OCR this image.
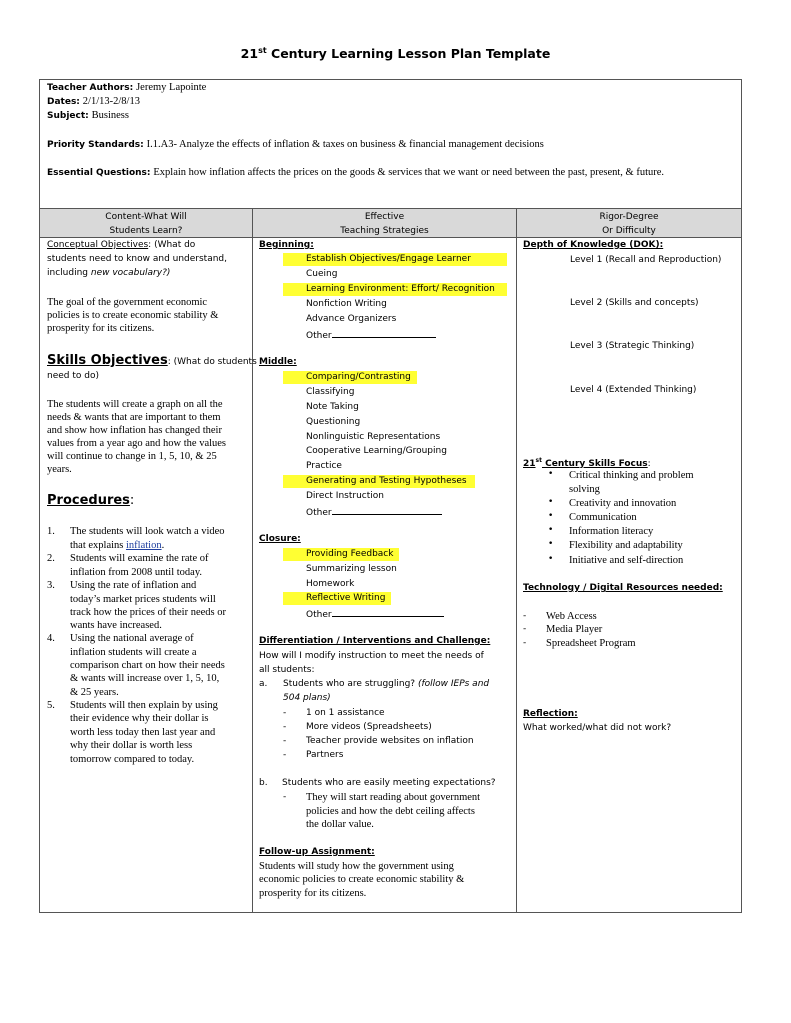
21st Century Learning Lesson Plan Template
Teacher Authors: Jeremy Lapointe
Dates: 2/1/13-2/8/13
Subject: Business
Priority Standards: I.1.A3- Analyze the effects of inflation & taxes on business & financial management decisions
Essential Questions: Explain how inflation affects the prices on the goods & services that we want or need between the past, present, & future.
Content-What Will
Students Learn?
Effective
Teaching Strategies
Rigor-Degree
Or Difficulty
Conceptual Objectives: (What do
students need to know and understand,
including new vocabulary?)
The goal of the government economic
policies is to create economic stability &
prosperity for its citizens.
Skills Objectives: (What do students
need to do)
The students will create a graph on all the
needs & wants that are important to them
and show how inflation has changed their
values from a year ago and how the values
will continue to change in 1, 5, 10, & 25
years.
Procedures:
1. The students will look watch a video
that explains inflation.
2. Students will examine the rate of
inflation from 2008 until today.
3. Using the rate of inflation and
today’s market prices students will
track how the prices of their needs or
wants have increased.
4. Using the national average of
inflation students will create a
comparison chart on how their needs
& wants will increase over 1, 5, 10,
& 25 years.
5. Students will then explain by using
their evidence why their dollar is
worth less today then last year and
why their dollar is worth less
tomorrow compared to today.
Beginning:
Establish Objectives/Engage Learner
Cueing
Learning Environment: Effort/ Recognition
Nonfiction Writing
Advance Organizers
Other
Middle:
Comparing/Contrasting
Classifying
Note Taking
Questioning
Nonlinguistic Representations
Cooperative Learning/Grouping
Practice
Generating and Testing Hypotheses
Direct Instruction
Other
Closure:
Providing Feedback
Summarizing lesson
Homework
Reflective Writing
Other
Differentiation / Interventions and Challenge:
How will I modify instruction to meet the needs of
all students:
a. Students who are struggling? (follow IEPs and
504 plans)
- 1 on 1 assistance
- More videos (Spreadsheets)
- Teacher provide websites on inflation
- Partners
b. Students who are easily meeting expectations?
- They will start reading about government
policies and how the debt ceiling affects
the dollar value.
Follow-up Assignment:
Students will study how the government using
economic policies to create economic stability &
prosperity for its citizens.
Depth of Knowledge (DOK):
Level 1 (Recall and Reproduction)
Level 2 (Skills and concepts)
Level 3 (Strategic Thinking)
Level 4 (Extended Thinking)
21st Century Skills Focus:
• Critical thinking and problem
solving
• Creativity and innovation
• Communication
• Information literacy
• Flexibility and adaptability
• Initiative and self-direction
Technology / Digital Resources needed:
- Web Access
- Media Player
- Spreadsheet Program
Reflection:
What worked/what did not work?
